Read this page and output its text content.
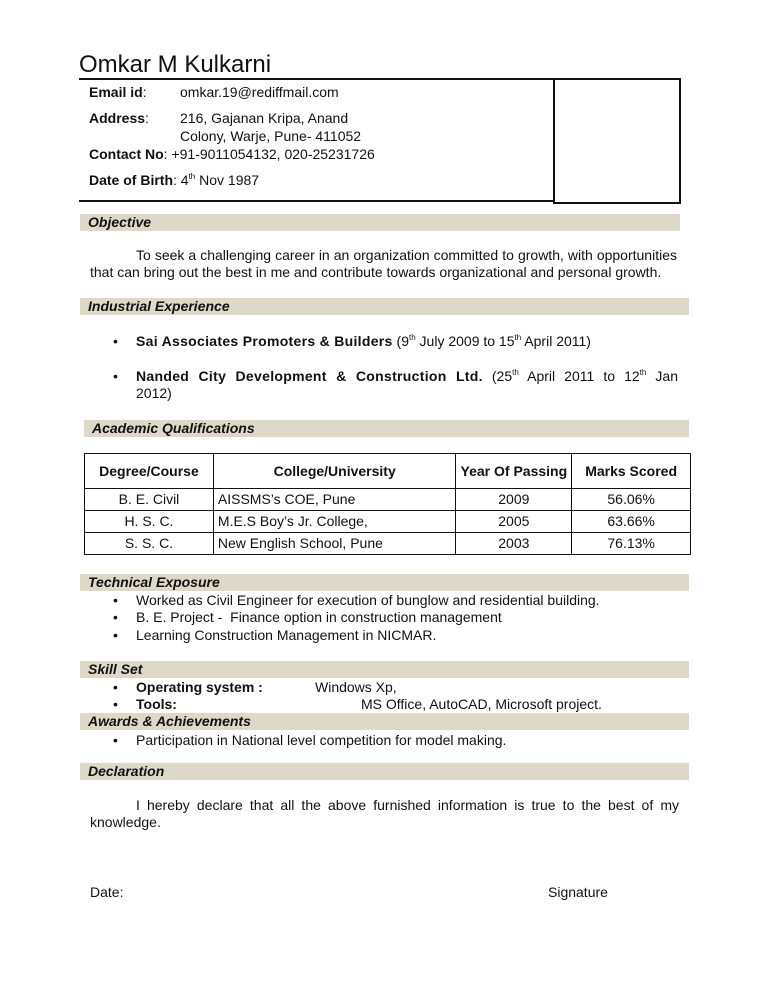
Omkar M Kulkarni
Email id: omkar.19@rediffmail.com
Address: 216, Gajanan Kripa, Anand
Colony, Warje, Pune- 411052
Contact No: +91-9011054132, 020-25231726
Date of Birth: 4th Nov 1987
Objective
To seek a challenging career in an organization committed to growth, with opportunities that can bring out the best in me and contribute towards organizational and personal growth.
Industrial Experience
• Sai Associates Promoters & Builders (9th July 2009 to 15th April 2011)
• Nanded City Development & Construction Ltd. (25th April 2011 to 12th Jan
2012)
Academic Qualifications
Degree/Course	College/University	Year Of Passing	Marks Scored
B. E. Civil	AISSMS’s COE, Pune	2009	56.06%
H. S. C.	M.E.S Boy’s Jr. College,	2005	63.66%
S. S. C.	New English School, Pune	2003	76.13%
Technical Exposure
• Worked as Civil Engineer for execution of bunglow and residential building.
• B. E. Project -  Finance option in construction management
• Learning Construction Management in NICMAR.
Skill Set
• Operating system :	Windows Xp,
• Tools:	MS Office, AutoCAD, Microsoft project.
Awards & Achievements
• Participation in National level competition for model making.
Declaration
I hereby declare that all the above furnished information is true to the best of my knowledge.
Date:	Signature
